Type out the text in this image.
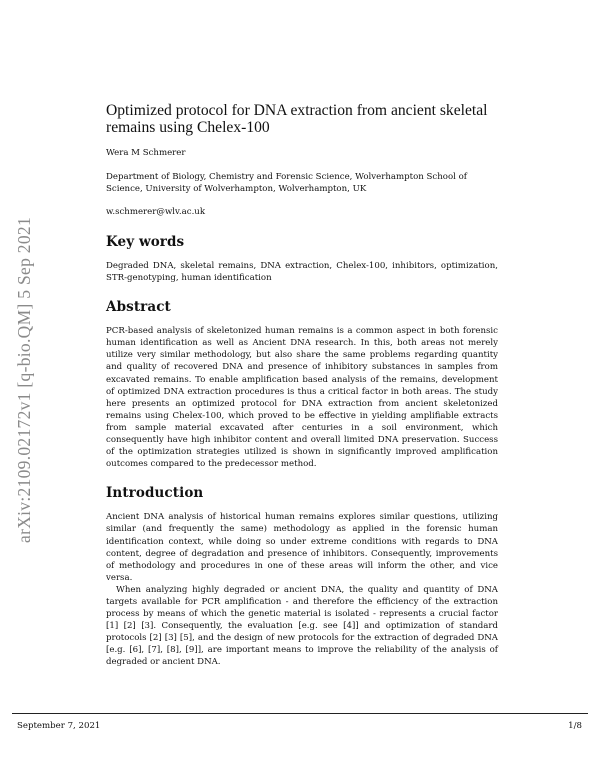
arXiv:2109.02172v1 [q-bio.QM] 5 Sep 2021
Optimized protocol for DNA extraction from ancient skeletal remains using Chelex-100
Wera M Schmerer
Department of Biology, Chemistry and Forensic Science, Wolverhampton School of Science, University of Wolverhampton, Wolverhampton, UK
w.schmerer@wlv.ac.uk
Key words

Degraded DNA, skeletal remains, DNA extraction, Chelex-100, inhibitors, optimization, STR-genotyping, human identification

Abstract

PCR-based analysis of skeletonized human remains is a common aspect in both forensic human identification as well as Ancient DNA research. In this, both areas not merely utilize very similar methodology, but also share the same problems regarding quantity and quality of recovered DNA and presence of inhibitory substances in samples from excavated remains. To enable amplification based analysis of the remains, development of optimized DNA extraction procedures is thus a critical factor in both areas. The study here presents an optimized protocol for DNA extraction from ancient skeletonized remains using Chelex-100, which proved to be effective in yielding amplifiable extracts from sample material excavated after centuries in a soil environment, which consequently have high inhibitor content and overall limited DNA preservation. Success of the optimization strategies utilized is shown in significantly improved amplification outcomes compared to the predecessor method.

Introduction

Ancient DNA analysis of historical human remains explores similar questions, utilizing similar (and frequently the same) methodology as applied in the forensic human identification context, while doing so under extreme conditions with regards to DNA content, degree of degradation and presence of inhibitors. Consequently, improvements of methodology and procedures in one of these areas will inform the other, and vice versa.

When analyzing highly degraded or ancient DNA, the quality and quantity of DNA targets available for PCR amplification - and therefore the efficiency of the extraction process by means of which the genetic material is isolated - represents a crucial factor [1] [2] [3]. Consequently, the evaluation [e.g. see [4]] and optimization of standard protocols [2] [3] [5], and the design of new protocols for the extraction of degraded DNA [e.g. [6], [7], [8], [9]], are important means to improve the reliability of the analysis of degraded or ancient DNA.

September 7, 2021	1/8
